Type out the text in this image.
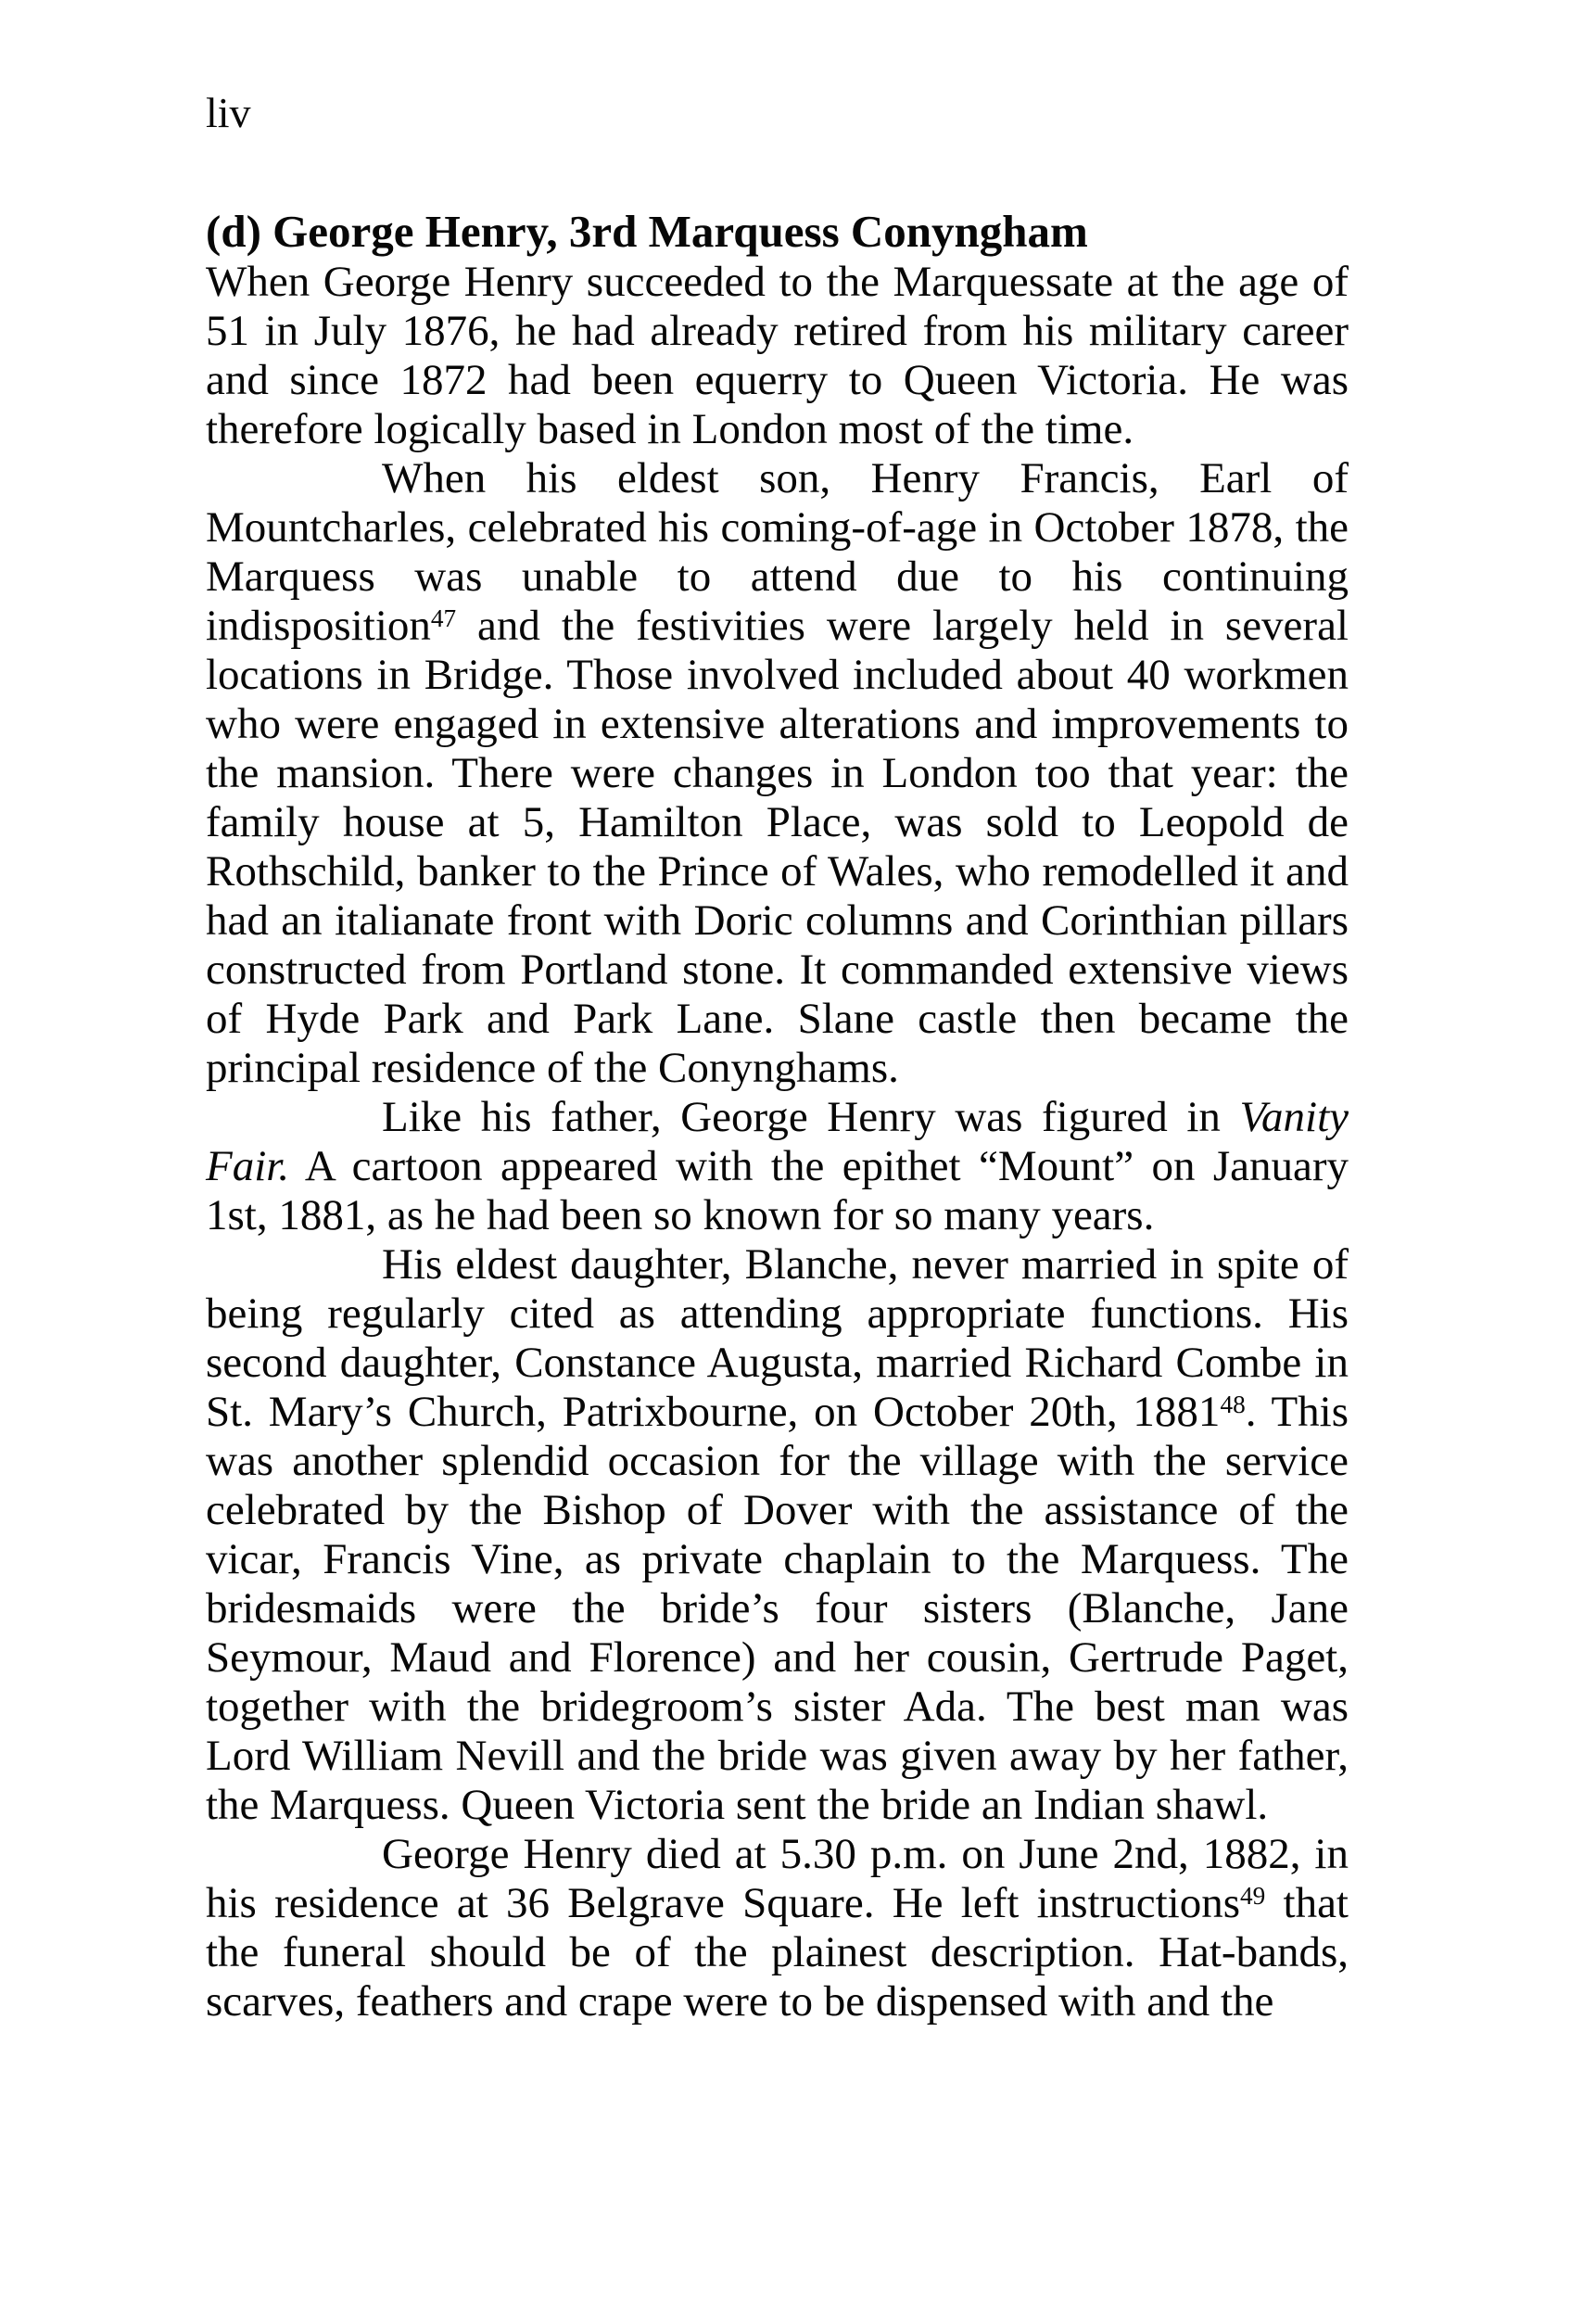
liv
(d) George Henry, 3rd Marquess Conyngham

When George Henry succeeded to the Marquessate at the age of 51 in July 1876, he had already retired from his military career and since 1872 had been equerry to Queen Victoria. He was therefore logically based in London most of the time.

When his eldest son, Henry Francis, Earl of Mountcharles, celebrated his coming-of-age in October 1878, the Marquess was unable to attend due to his continuing indisposition$^{47}$ and the festivities were largely held in several locations in Bridge. Those involved included about 40 workmen who were engaged in extensive alterations and improvements to the mansion. There were changes in London too that year: the family house at 5, Hamilton Place, was sold to Leopold de Rothschild, banker to the Prince of Wales, who remodelled it and had an italianate front with Doric columns and Corinthian pillars constructed from Portland stone. It commanded extensive views of Hyde Park and Park Lane. Slane castle then became the principal residence of the Conynghams.

Like his father, George Henry was figured in Vanity Fair. A cartoon appeared with the epithet “Mount” on January 1st, 1881, as he had been so known for so many years.

His eldest daughter, Blanche, never married in spite of being regularly cited as attending appropriate functions. His second daughter, Constance Augusta, married Richard Combe in St. Mary’s Church, Patrixbourne, on October 20th, 1881$^{48}$. This was another splendid occasion for the village with the service celebrated by the Bishop of Dover with the assistance of the vicar, Francis Vine, as private chaplain to the Marquess. The bridesmaids were the bride’s four sisters (Blanche, Jane Seymour, Maud and Florence) and her cousin, Gertrude Paget, together with the bridegroom’s sister Ada. The best man was Lord William Nevill and the bride was given away by her father, the Marquess. Queen Victoria sent the bride an Indian shawl.

George Henry died at 5.30 p.m. on June 2nd, 1882, in his residence at 36 Belgrave Square. He left instructions$^{49}$ that the funeral should be of the plainest description. Hat-bands, scarves, feathers and crape were to be dispensed with and the
